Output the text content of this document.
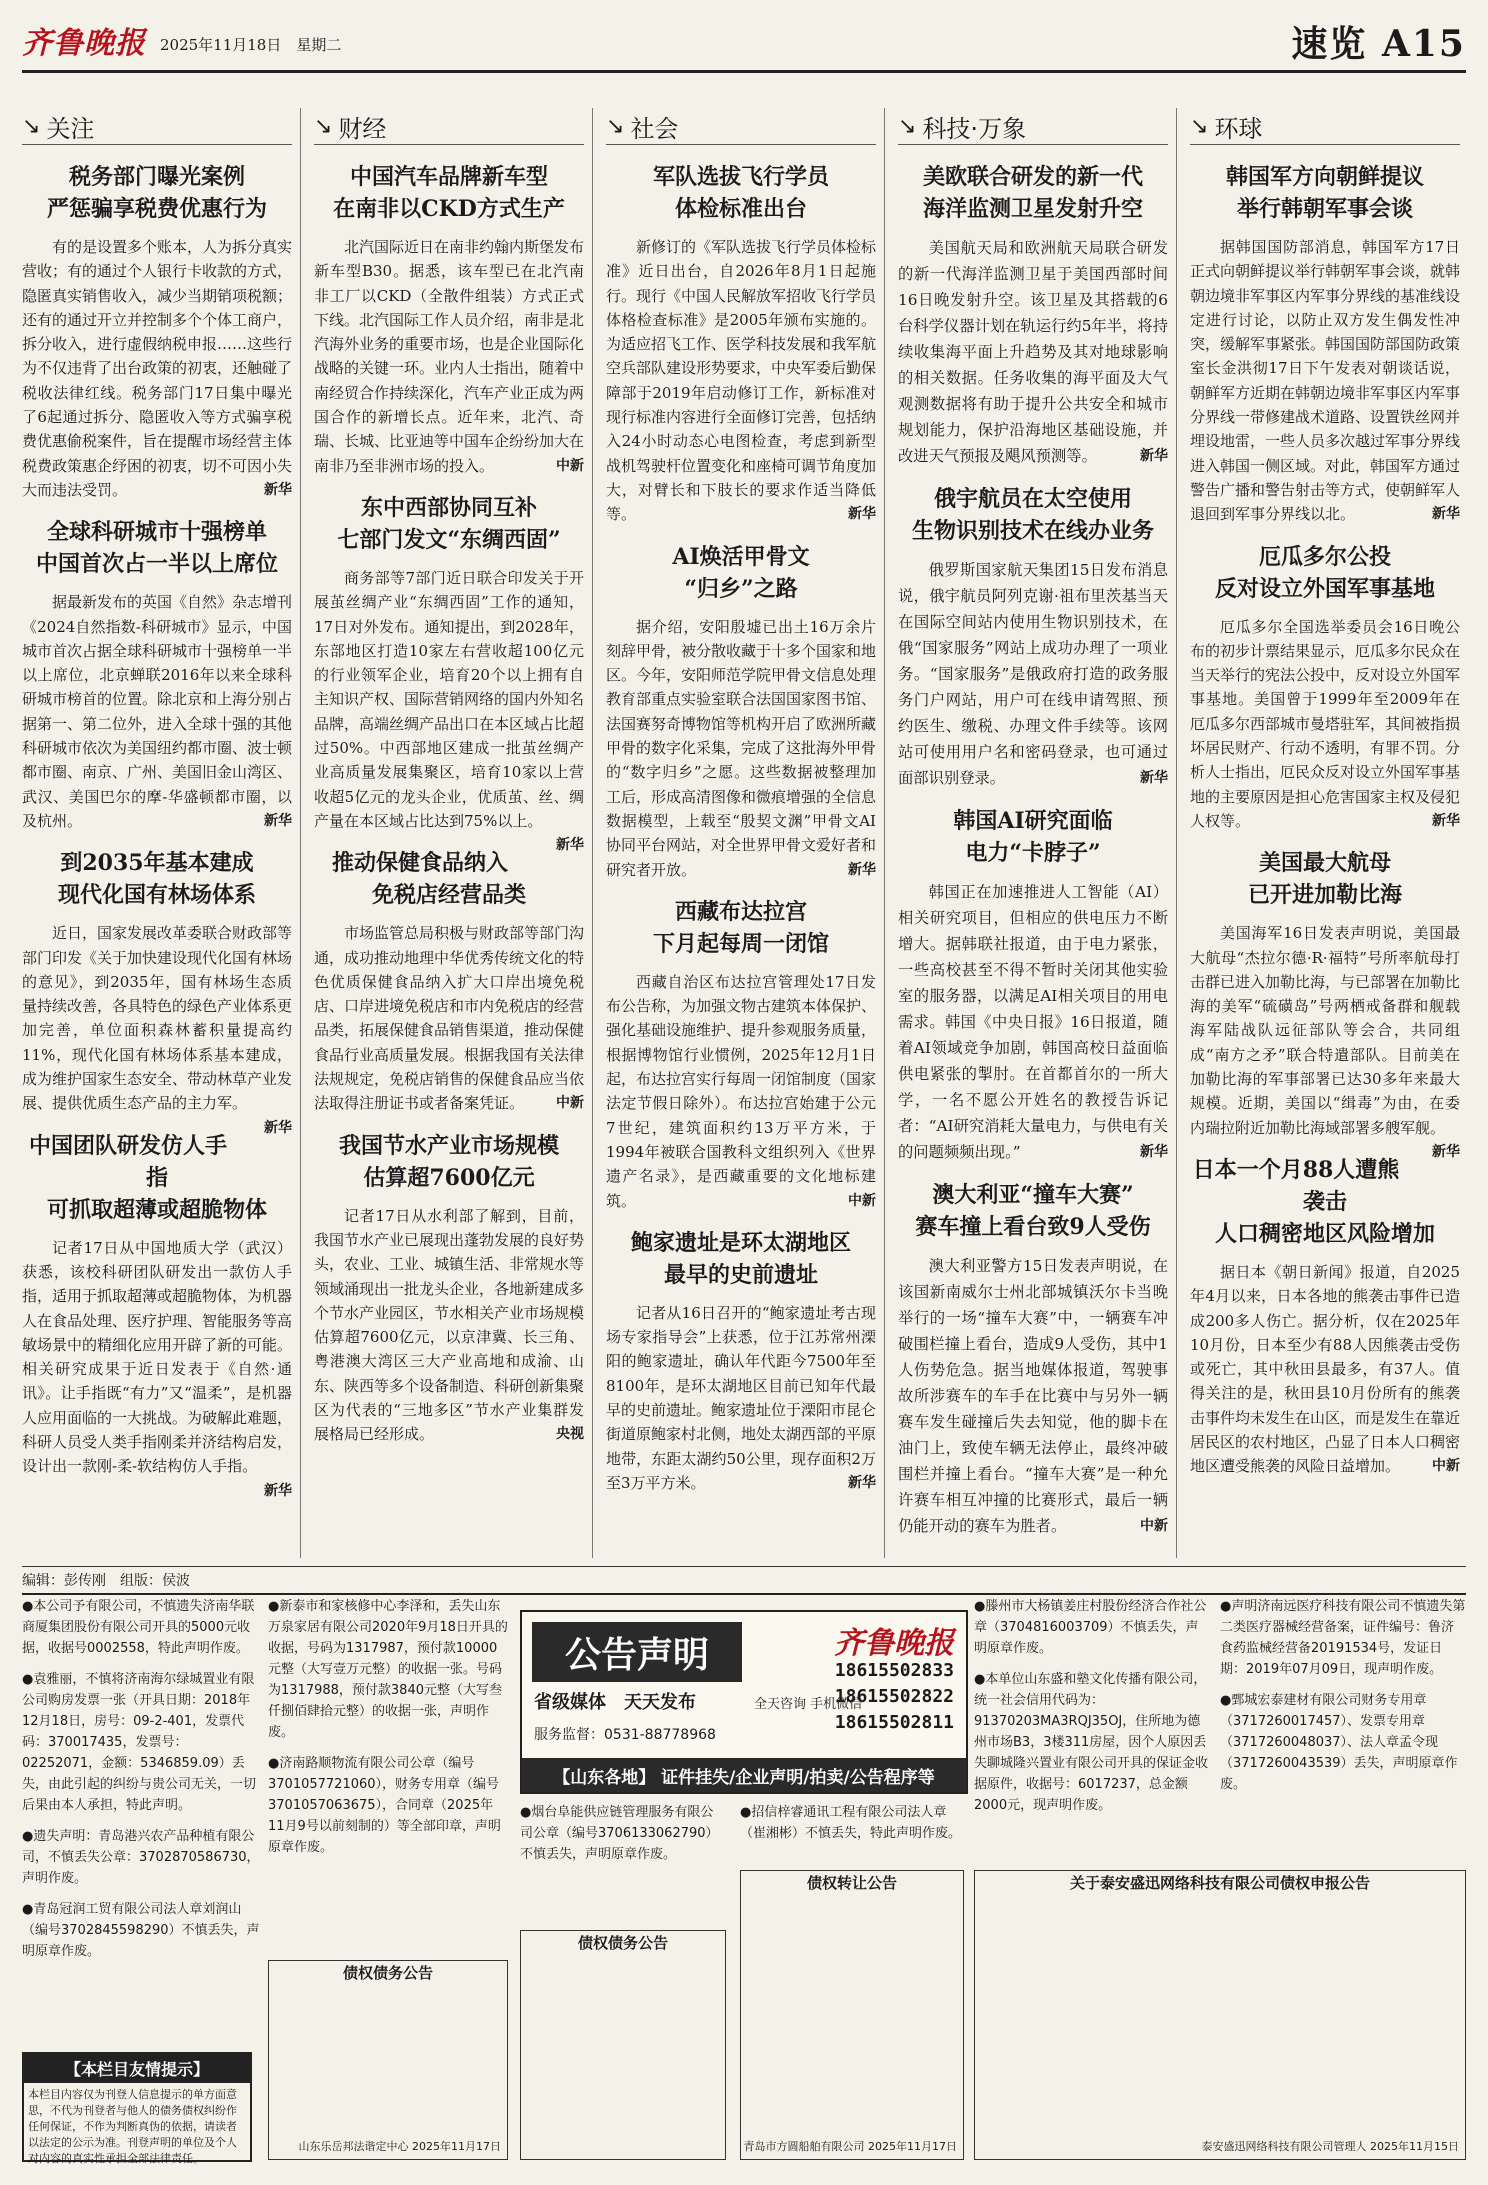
齐鲁晚报 2025年11月18日　 星期二	速览 A15
↘ 关注
税务部门曝光案例
严惩骗享税费优惠行为

有的是设置多个账本，人为拆分真实营收；有的通过个人银行卡收款的方式，隐匿真实销售收入，减少当期销项税额；还有的通过开立并控制多个个体工商户，拆分收入，进行虚假纳税申报……这些行为不仅违背了出台政策的初衷，还触碰了税收法律红线。税务部门17日集中曝光了6起通过拆分、隐匿收入等方式骗享税费优惠偷税案件，旨在提醒市场经营主体税费政策惠企纾困的初衷，切不可因小失大而违法受罚。	新华

全球科研城市十强榜单
中国首次占一半以上席位

据最新发布的英国《自然》杂志增刊《2024自然指数-科研城市》显示，中国城市首次占据全球科研城市十强榜单一半以上席位，北京蝉联2016年以来全球科研城市榜首的位置。除北京和上海分别占据第一、第二位外，进入全球十强的其他科研城市依次为美国纽约都市圈、波士顿都市圈、南京、广州、美国旧金山湾区、武汉、美国巴尔的摩-华盛顿都市圈，以及杭州。	新华

到2035年基本建成
现代化国有林场体系

近日，国家发展改革委联合财政部等部门印发《关于加快建设现代化国有林场的意见》，到2035年，国有林场生态质量持续改善，各具特色的绿色产业体系更加完善，单位面积森林蓄积量提高约11%，现代化国有林场体系基本建成，成为维护国家生态安全、带动林草产业发展、提供优质生态产品的主力军。
新华

中国团队研发仿人手指
可抓取超薄或超脆物体

记者17日从中国地质大学（武汉）获悉，该校科研团队研发出一款仿人手指，适用于抓取超薄或超脆物体，为机器人在食品处理、医疗护理、智能服务等高敏场景中的精细化应用开辟了新的可能。相关研究成果于近日发表于《自然·通讯》。让手指既“有力”又“温柔”，是机器人应用面临的一大挑战。为破解此难题，科研人员受人类手指刚柔并济结构启发，设计出一款刚-柔-软结构仿人手指。
新华

↘ 财经
中国汽车品牌新车型
在南非以CKD方式生产

北汽国际近日在南非约翰内斯堡发布新车型B30。据悉，该车型已在北汽南非工厂以CKD（全散件组装）方式正式下线。北汽国际工作人员介绍，南非是北汽海外业务的重要市场，也是企业国际化战略的关键一环。业内人士指出，随着中南经贸合作持续深化，汽车产业正成为两国合作的新增长点。近年来，北汽、奇瑞、长城、比亚迪等中国车企纷纷加大在南非乃至非洲市场的投入。	中新

东中西部协同互补
七部门发文“东绸西固”

商务部等7部门近日联合印发关于开展茧丝绸产业“东绸西固”工作的通知，17日对外发布。通知提出，到2028年，东部地区打造10家左右营收超100亿元的行业领军企业，培育20个以上拥有自主知识产权、国际营销网络的国内外知名品牌，高端丝绸产品出口在本区域占比超过50%。中西部地区建成一批茧丝绸产业高质量发展集聚区，培育10家以上营收超5亿元的龙头企业，优质茧、丝、绸产量在本区域占比达到75%以上。
新华

推动保健食品纳入
免税店经营品类

市场监管总局积极与财政部等部门沟通，成功推动地理中华优秀传统文化的特色优质保健食品纳入扩大口岸出境免税店、口岸进境免税店和市内免税店的经营品类，拓展保健食品销售渠道，推动保健食品行业高质量发展。根据我国有关法律法规规定，免税店销售的保健食品应当依法取得注册证书或者备案凭证。	中新

我国节水产业市场规模
估算超7600亿元

记者17日从水利部了解到，目前，我国节水产业已展现出蓬勃发展的良好势头，农业、工业、城镇生活、非常规水等领域涌现出一批龙头企业，各地新建成多个节水产业园区，节水相关产业市场规模估算超7600亿元，以京津冀、长三角、粤港澳大湾区三大产业高地和成渝、山东、陕西等多个设备制造、科研创新集聚区为代表的“三地多区”节水产业集群发展格局已经形成。	央视

↘ 社会
军队选拔飞行学员
体检标准出台

新修订的《军队选拔飞行学员体检标准》近日出台，自2026年8月1日起施行。现行《中国人民解放军招收飞行学员体格检查标准》是2005年颁布实施的。为适应招飞工作、医学科技发展和我军航空兵部队建设形势要求，中央军委后勤保障部于2019年启动修订工作，新标准对现行标准内容进行全面修订完善，包括纳入24小时动态心电图检查，考虑到新型战机驾驶杆位置变化和座椅可调节角度加大，对臂长和下肢长的要求作适当降低等。	新华

AI焕活甲骨文
“归乡”之路

据介绍，安阳殷墟已出土16万余片刻辞甲骨，被分散收藏于十多个国家和地区。今年，安阳师范学院甲骨文信息处理教育部重点实验室联合法国国家图书馆、法国赛努奇博物馆等机构开启了欧洲所藏甲骨的数字化采集，完成了这批海外甲骨的“数字归乡”之愿。这些数据被整理加工后，形成高清图像和微痕增强的全信息数据模型，上载至“殷契文渊”甲骨文AI协同平台网站，对全世界甲骨文爱好者和研究者开放。	新华

西藏布达拉宫
下月起每周一闭馆

西藏自治区布达拉宫管理处17日发布公告称，为加强文物古建筑本体保护、强化基础设施维护、提升参观服务质量，根据博物馆行业惯例，2025年12月1日起，布达拉宫实行每周一闭馆制度（国家法定节假日除外）。布达拉宫始建于公元7世纪，建筑面积约13万平方米，于1994年被联合国教科文组织列入《世界遗产名录》，是西藏重要的文化地标建筑。	中新

鲍家遗址是环太湖地区
最早的史前遗址

记者从16日召开的“鲍家遗址考古现场专家指导会”上获悉，位于江苏常州溧阳的鲍家遗址，确认年代距今7500年至8100年，是环太湖地区目前已知年代最早的史前遗址。鲍家遗址位于溧阳市昆仑街道原鲍家村北侧，地处太湖西部的平原地带，东距太湖约50公里，现存面积2万至3万平方米。	新华

↘ 科技·万象
美欧联合研发的新一代
海洋监测卫星发射升空

美国航天局和欧洲航天局联合研发的新一代海洋监测卫星于美国西部时间16日晚发射升空。该卫星及其搭载的6台科学仪器计划在轨运行约5年半，将持续收集海平面上升趋势及其对地球影响的相关数据。任务收集的海平面及大气观测数据将有助于提升公共安全和城市规划能力，保护沿海地区基础设施，并改进天气预报及飓风预测等。	新华

俄宇航员在太空使用
生物识别技术在线办业务

俄罗斯国家航天集团15日发布消息说，俄宇航员阿列克谢·祖布里茨基当天在国际空间站内使用生物识别技术，在俄“国家服务”网站上成功办理了一项业务。“国家服务”是俄政府打造的政务服务门户网站，用户可在线申请驾照、预约医生、缴税、办理文件手续等。该网站可使用用户名和密码登录，也可通过面部识别登录。	新华

韩国AI研究面临
电力“卡脖子”

韩国正在加速推进人工智能（AI）相关研究项目，但相应的供电压力不断增大。据韩联社报道，由于电力紧张，一些高校甚至不得不暂时关闭其他实验室的服务器，以满足AI相关项目的用电需求。韩国《中央日报》16日报道，随着AI领域竞争加剧，韩国高校日益面临供电紧张的掣肘。在首都首尔的一所大学，一名不愿公开姓名的教授告诉记者：“AI研究消耗大量电力，与供电有关的问题频频出现。”	新华

澳大利亚“撞车大赛”
赛车撞上看台致9人受伤

澳大利亚警方15日发表声明说，在该国新南威尔士州北部城镇沃尔卡当晚举行的一场“撞车大赛”中，一辆赛车冲破围栏撞上看台，造成9人受伤，其中1人伤势危急。据当地媒体报道，驾驶事故所涉赛车的车手在比赛中与另外一辆赛车发生碰撞后失去知觉，他的脚卡在油门上，致使车辆无法停止，最终冲破围栏并撞上看台。“撞车大赛”是一种允许赛车相互冲撞的比赛形式，最后一辆仍能开动的赛车为胜者。	中新

↘ 环球
韩国军方向朝鲜提议
举行韩朝军事会谈

据韩国国防部消息，韩国军方17日正式向朝鲜提议举行韩朝军事会谈，就韩朝边境非军事区内军事分界线的基准线设定进行讨论，以防止双方发生偶发性冲突，缓解军事紧张。韩国国防部国防政策室长金洪彻17日下午发表对朝谈话说，朝鲜军方近期在韩朝边境非军事区内军事分界线一带修建战术道路、设置铁丝网并埋设地雷，一些人员多次越过军事分界线进入韩国一侧区域。对此，韩国军方通过警告广播和警告射击等方式，使朝鲜军人退回到军事分界线以北。	新华

厄瓜多尔公投
反对设立外国军事基地

厄瓜多尔全国选举委员会16日晚公布的初步计票结果显示，厄瓜多尔民众在当天举行的宪法公投中，反对设立外国军事基地。美国曾于1999年至2009年在厄瓜多尔西部城市曼塔驻军，其间被指损坏居民财产、行动不透明，有罪不罚。分析人士指出，厄民众反对设立外国军事基地的主要原因是担心危害国家主权及侵犯人权等。	新华

美国最大航母
已开进加勒比海

美国海军16日发表声明说，美国最大航母“杰拉尔德·R·福特”号所率航母打击群已进入加勒比海，与已部署在加勒比海的美军“硫磺岛”号两栖戒备群和舰载海军陆战队远征部队等会合，共同组成“南方之矛”联合特遣部队。目前美在加勒比海的军事部署已达30多年来最大规模。近期，美国以“缉毒”为由，在委内瑞拉附近加勒比海域部署多艘军舰。
新华

日本一个月88人遭熊袭击
人口稠密地区风险增加

据日本《朝日新闻》报道，自2025年4月以来，日本各地的熊袭击事件已造成200多人伤亡。据分析，仅在2025年10月份，日本至少有88人因熊袭击受伤或死亡，其中秋田县最多，有37人。值得关注的是，秋田县10月份所有的熊袭击事件均未发生在山区，而是发生在靠近居民区的农村地区，凸显了日本人口稠密地区遭受熊袭的风险日益增加。	中新

编辑：彭传刚　组版：侯波

●本公司予有限公司，不慎遗失济南华联商厦集团股份有限公司开具的5000元收据，收据号0002558，特此声明作废。

●袁雅丽，不慎将济南海尔绿城置业有限公司购房发票一张（开具日期：2018年12月18日，房号：09-2-401，发票代码：370017435，发票号：02252071，金额：5346859.09）丢失，由此引起的纠纷与贵公司无关，一切后果由本人承担，特此声明。

●遗失声明：青岛港兴农产品种植有限公司，不慎丢失公章：3702870586730，声明作废。

●青岛冠润工贸有限公司法人章刘润山（编号3702845598290）不慎丢失，声明原章作废。

●新泰市和家核修中心李泽和，丢失山东万泉家居有限公司2020年9月18日开具的收据，号码为1317987，预付款10000元整（大写壹万元整）的收据一张。号码为1317988，预付款3840元整（大写叁仟捌佰肆拾元整）的收据一张，声明作废。

●济南路顺物流有限公司公章（编号3701057721060），财务专用章（编号3701057063675），合同章（2025年11月9号以前刻制的）等全部印章，声明原章作废。

公告声明	齐鲁晚报
18615502833
18615502822
18615502811
省级媒体　天天发布
服务监督：0531-88778968
全天咨询 手机微信
【山东各地】 证件挂失/企业声明/拍卖/公告程序等

●滕州市大杨镇姜庄村股份经济合作社公章（3704816003709）不慎丢失，声明原章作废。

●本单位山东盛和塾文化传播有限公司，统一社会信用代码为：91370203MA3RQJ35OJ，住所地为德州市场B3，3楼311房屋，因个人原因丢失聊城隆兴置业有限公司开具的保证金收据原件，收据号：6017237，总金额2000元，现声明作废。

●声明济南远医疗科技有限公司不慎遗失第二类医疗器械经营备案，证件编号：鲁济食药监械经营备20191534号，发证日期：2019年07月09日，现声明作废。

●鄄城宏泰建材有限公司财务专用章（3717260017457）、发票专用章（3717260048037）、法人章孟令现（3717260043539）丢失，声明原章作废。

●烟台阜能供应链管理服务有限公司公章（编号3706133062790）不慎丢失，声明原章作废。
●招信梓睿通讯工程有限公司法人章（崔湘彬）不慎丢失，特此声明作废。
债权债务公告
山东乐岳邦法谐定中心 2025年11月17日
债权债务公告
债权转让公告
青岛市方圆船舶有限公司 2025年11月17日
关于泰安盛迅网络科技有限公司债权申报公告
泰安盛迅网络科技有限公司管理人 2025年11月15日
【本栏目友情提示】

本栏目内容仅为刊登人信息提示的单方面意思，不代为刊登者与他人的债务债权纠纷作任何保证，不作为判断真伪的依据，请读者以法定的公示为准。刊登声明的单位及个人对内容的真实性承担全部法律责任。
